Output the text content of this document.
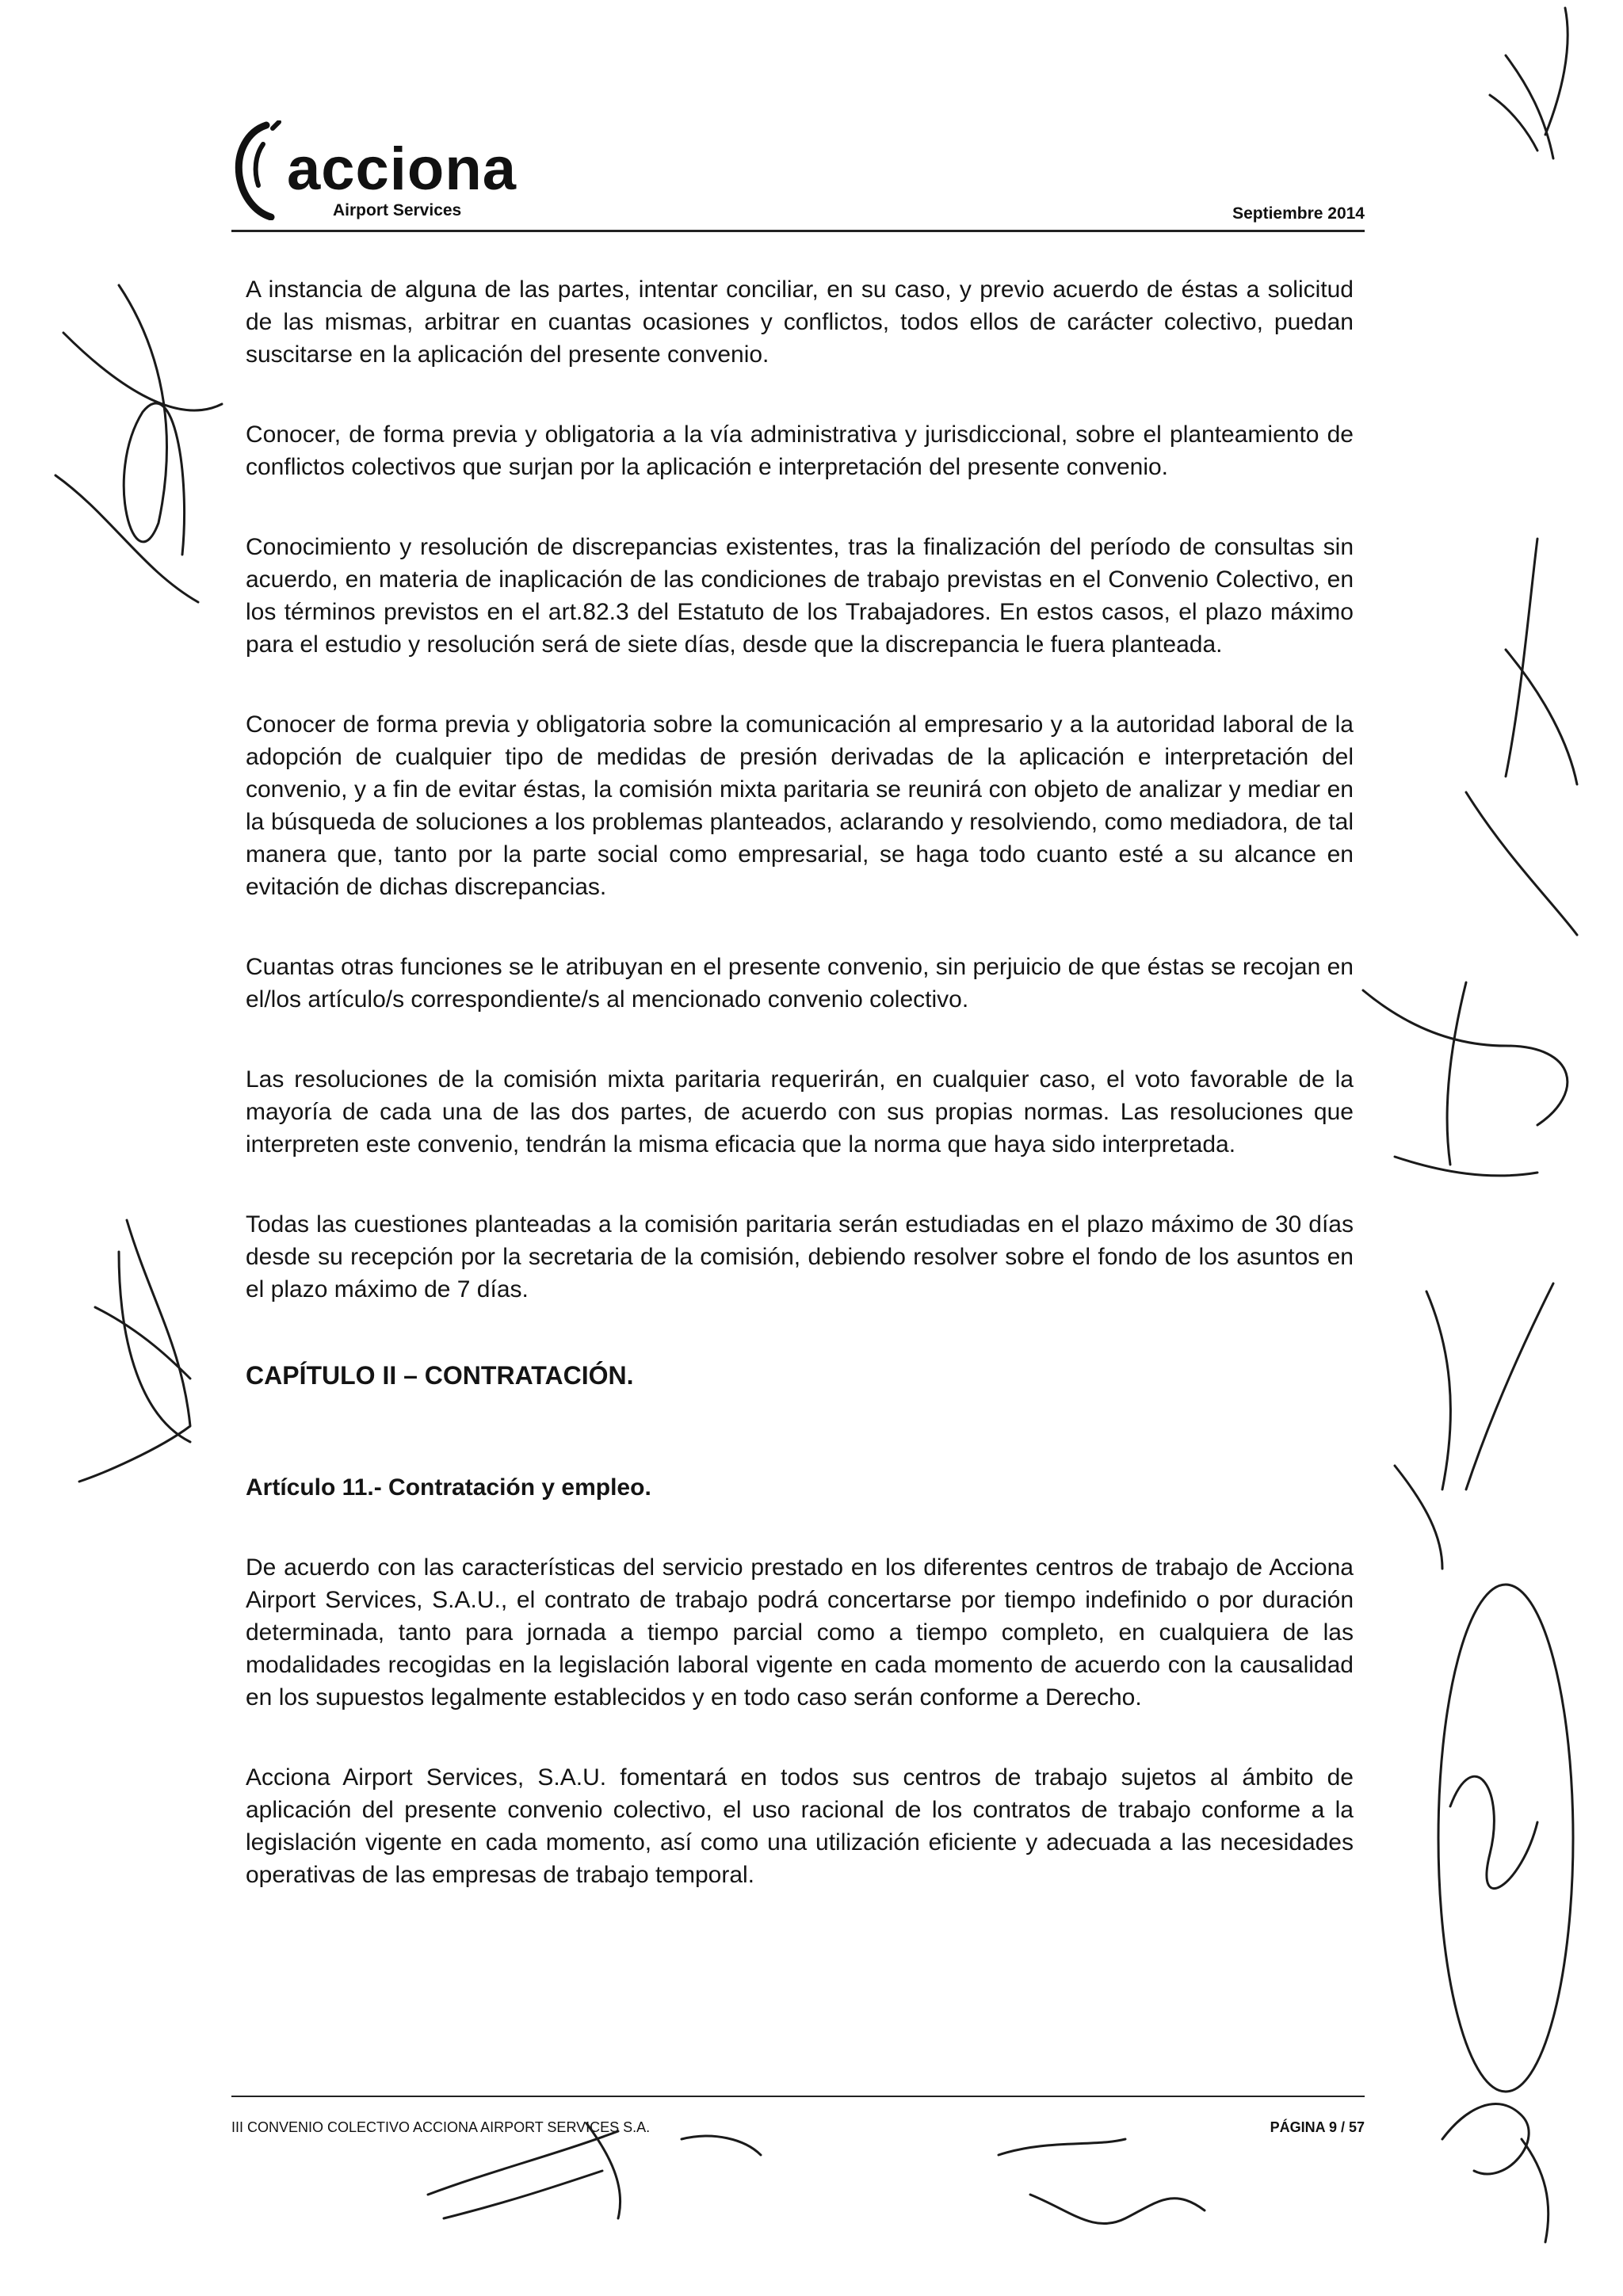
acciona
Airport Services	Septiembre 2014

A instancia de alguna de las partes, intentar conciliar, en su caso, y previo acuerdo de éstas a solicitud de las mismas, arbitrar en cuantas ocasiones y conflictos, todos ellos de carácter colectivo, puedan suscitarse en la aplicación del presente convenio.

Conocer, de forma previa y obligatoria a la vía administrativa y jurisdiccional, sobre el planteamiento de conflictos colectivos que surjan por la aplicación e interpretación del presente convenio.

Conocimiento y resolución de discrepancias existentes, tras la finalización del período de consultas sin acuerdo, en materia de inaplicación de las condiciones de trabajo previstas en el Convenio Colectivo, en los términos previstos en el art.82.3 del Estatuto de los Trabajadores. En estos casos, el plazo máximo para el estudio y resolución será de siete días, desde que la discrepancia le fuera planteada.

Conocer de forma previa y obligatoria sobre la comunicación al empresario y a la autoridad laboral de la adopción de cualquier tipo de medidas de presión derivadas de la aplicación e interpretación del convenio, y a fin de evitar éstas, la comisión mixta paritaria se reunirá con objeto de analizar y mediar en la búsqueda de soluciones a los problemas planteados, aclarando y resolviendo, como mediadora, de tal manera que, tanto por la parte social como empresarial, se haga todo cuanto esté a su alcance en evitación de dichas discrepancias.

Cuantas otras funciones se le atribuyan en el presente convenio, sin perjuicio de que éstas se recojan en el/los artículo/s correspondiente/s al mencionado convenio colectivo.

Las resoluciones de la comisión mixta paritaria requerirán, en cualquier caso, el voto favorable de la mayoría de cada una de las dos partes, de acuerdo con sus propias normas. Las resoluciones que interpreten este convenio, tendrán la misma eficacia que la norma que haya sido interpretada.

Todas las cuestiones planteadas a la comisión paritaria serán estudiadas en el plazo máximo de 30 días desde su recepción por la secretaria de la comisión, debiendo resolver sobre el fondo de los asuntos en el plazo máximo de 7 días.

CAPÍTULO II – CONTRATACIÓN.
Artículo 11.- Contratación y empleo.

De acuerdo con las características del servicio prestado en los diferentes centros de trabajo de Acciona Airport Services, S.A.U., el contrato de trabajo podrá concertarse por tiempo indefinido o por duración determinada, tanto para jornada a tiempo parcial como a tiempo completo, en cualquiera de las modalidades recogidas en la legislación laboral vigente en cada momento de acuerdo con la causalidad en los supuestos legalmente establecidos y en todo caso serán conforme a Derecho.

Acciona Airport Services, S.A.U. fomentará en todos sus centros de trabajo sujetos al ámbito de aplicación del presente convenio colectivo, el uso racional de los contratos de trabajo conforme a la legislación vigente en cada momento, así como una utilización eficiente y adecuada a las necesidades operativas de las empresas de trabajo temporal.

III CONVENIO COLECTIVO ACCIONA AIRPORT SERVICES S.A.	PÁGINA 9 / 57
